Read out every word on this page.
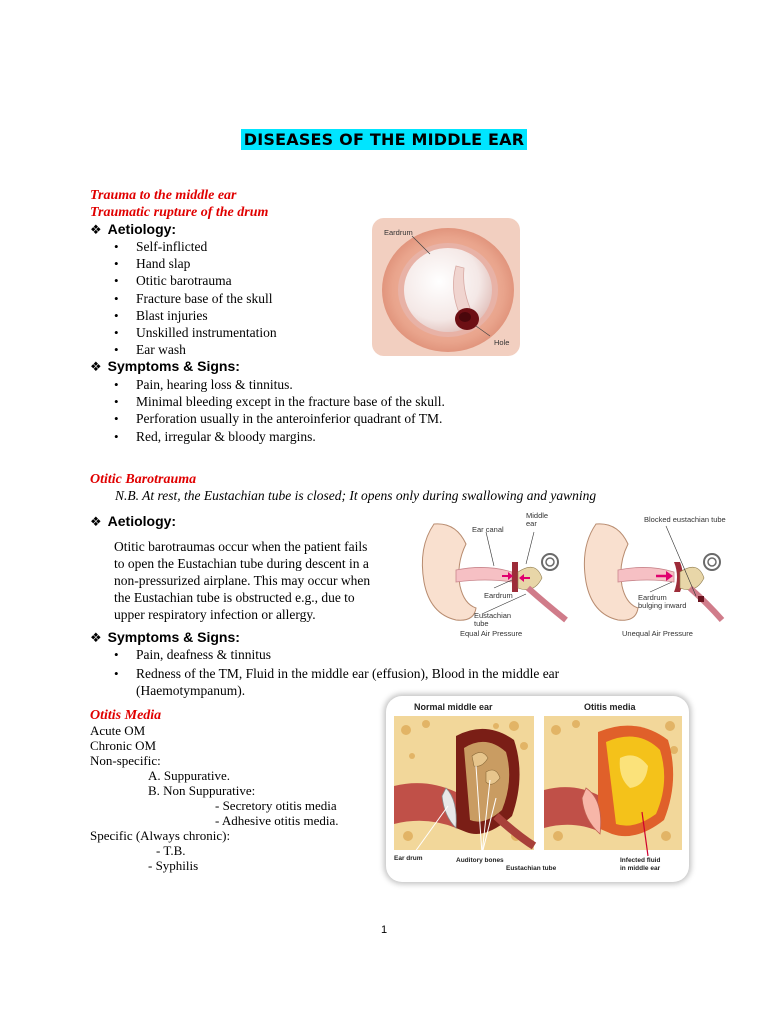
DISEASES OF THE MIDDLE EAR
Trauma to the middle ear
Traumatic rupture of the drum
❖ Aetiology:
• Self-inflicted
• Hand slap
• Otitic barotrauma
• Fracture base of the skull
• Blast injuries
• Unskilled instrumentation
• Ear wash
❖ Symptoms & Signs:
• Pain, hearing loss & tinnitus.
• Minimal bleeding except in the fracture base of the skull.
• Perforation usually in the anteroinferior quadrant of TM.
• Red, irregular & bloody margins.
Eardrum
Hole
Otitic Barotrauma
N.B. At rest, the Eustachian tube is closed; It opens only during swallowing and yawning
❖ Aetiology:
Otitic barotraumas occur when the patient fails
to open the Eustachian tube during descent in a
non-pressurized airplane. This may occur when
the Eustachian tube is obstructed e.g., due to
upper respiratory infection or allergy.
❖ Symptoms & Signs:
• Pain, deafness & tinnitus
• Redness of the TM, Fluid in the middle ear (effusion), Blood in the middle ear
(Haemotympanum).
Ear canal
Middle
ear
Eardrum
Eustachian
tube
Equal Air Pressure
Blocked eustachian tube
Eardrum
bulging inward
Unequal Air Pressure
Otitis Media
Acute OM
Chronic OM
Non-specific:
A. Suppurative.
B. Non Suppurative:
- Secretory otitis media
- Adhesive otitis media.
Specific (Always chronic):
- T.B.
- Syphilis
Normal middle ear	Otitis media
Ear drum	Auditory bones
Eustachian tube
Infected fluid
in middle ear
1
